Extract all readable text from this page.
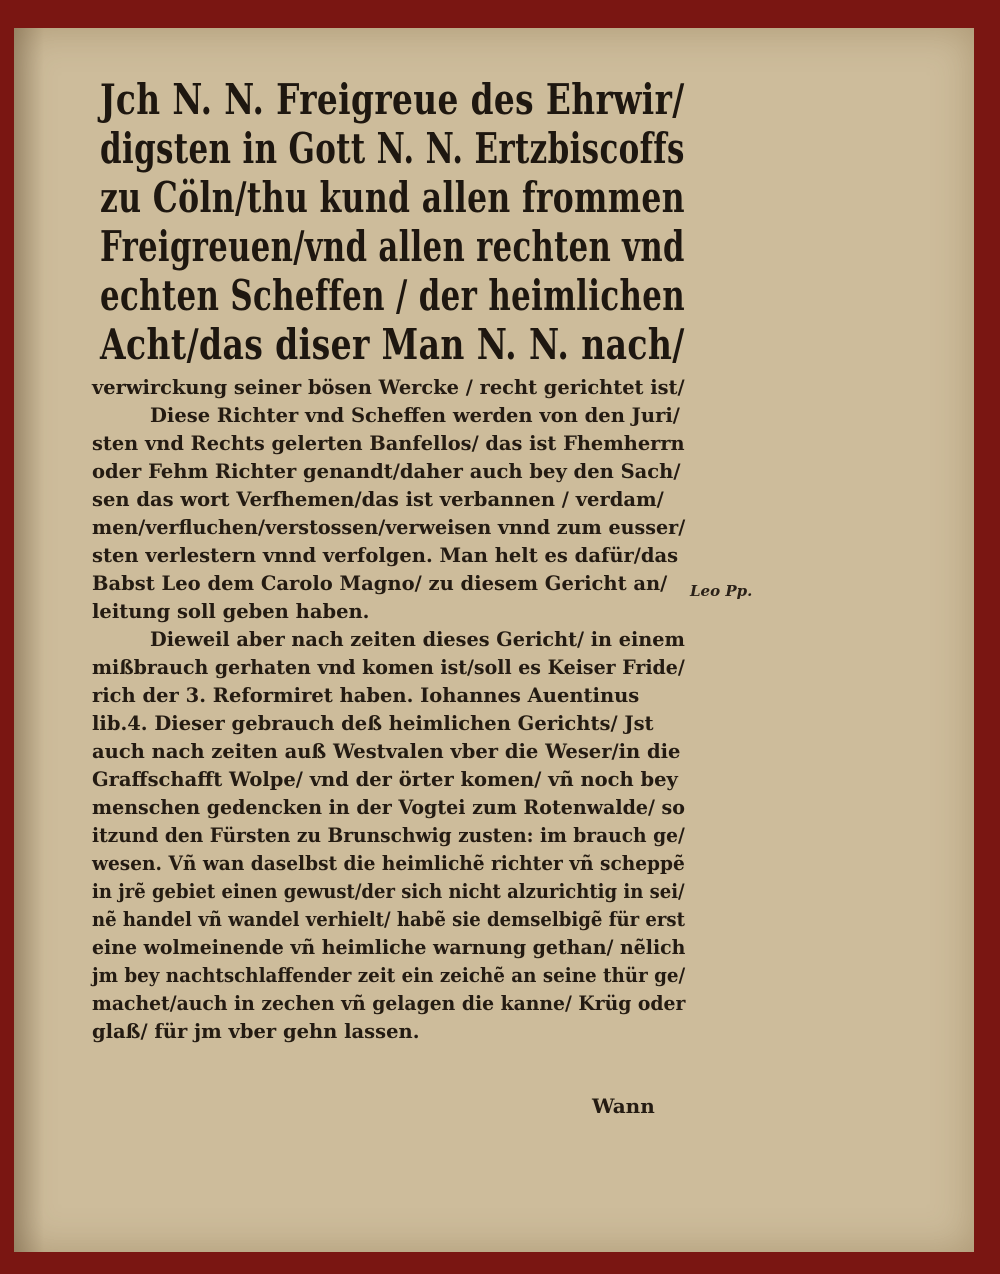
Jch N. N. Freigreue des Ehrwir/
digsten in Gott N. N. Ertzbiscoffs
zu Cöln/thu kund allen frommen
Freigreuen/vnd allen rechten vnd
echten Scheffen / der heimlichen
Acht/das diser Man N. N. nach/
verwirckung seiner bösen Wercke / recht gerichtet ist/
Diese Richter vnd Scheffen werden von den Juri/
sten vnd Rechts gelerten Banfellos/ das ist Fhemherrn
oder Fehm Richter genandt/daher auch bey den Sach/
sen das wort Verfhemen/das ist verbannen / verdam/
men/verfluchen/verstossen/verweisen vnnd zum eusser/
sten verlestern vnnd verfolgen. Man helt es dafür/das
Babst Leo dem Carolo Magno/ zu diesem Gericht an/
leitung soll geben haben.
Dieweil aber nach zeiten dieses Gericht/ in einem
mißbrauch gerhaten vnd komen ist/soll es Keiser Fride/
rich der 3. Reformiret haben. Iohannes Auentinus
lib.4. Dieser gebrauch deß heimlichen Gerichts/ Jst
auch nach zeiten auß Westvalen vber die Weser/in die
Graffschafft Wolpe/ vnd der örter komen/ vñ noch bey
menschen gedencken in der Vogtei zum Rotenwalde/ so
itzund den Fürsten zu Brunschwig zusten: im brauch ge/
wesen. Vñ wan daselbst die heimlichẽ richter vñ scheppẽ
in jrẽ gebiet einen gewust/der sich nicht alzurichtig in sei/
nẽ handel vñ wandel verhielt/ habẽ sie demselbigẽ für erst
eine wolmeinende vñ heimliche warnung gethan/ nẽlich
jm bey nachtschlaffender zeit ein zeichẽ an seine thür ge/
machet/auch in zechen vñ gelagen die kanne/ Krüg oder
glaß/ für jm vber gehn lassen.
Leo Pp.
Wann
